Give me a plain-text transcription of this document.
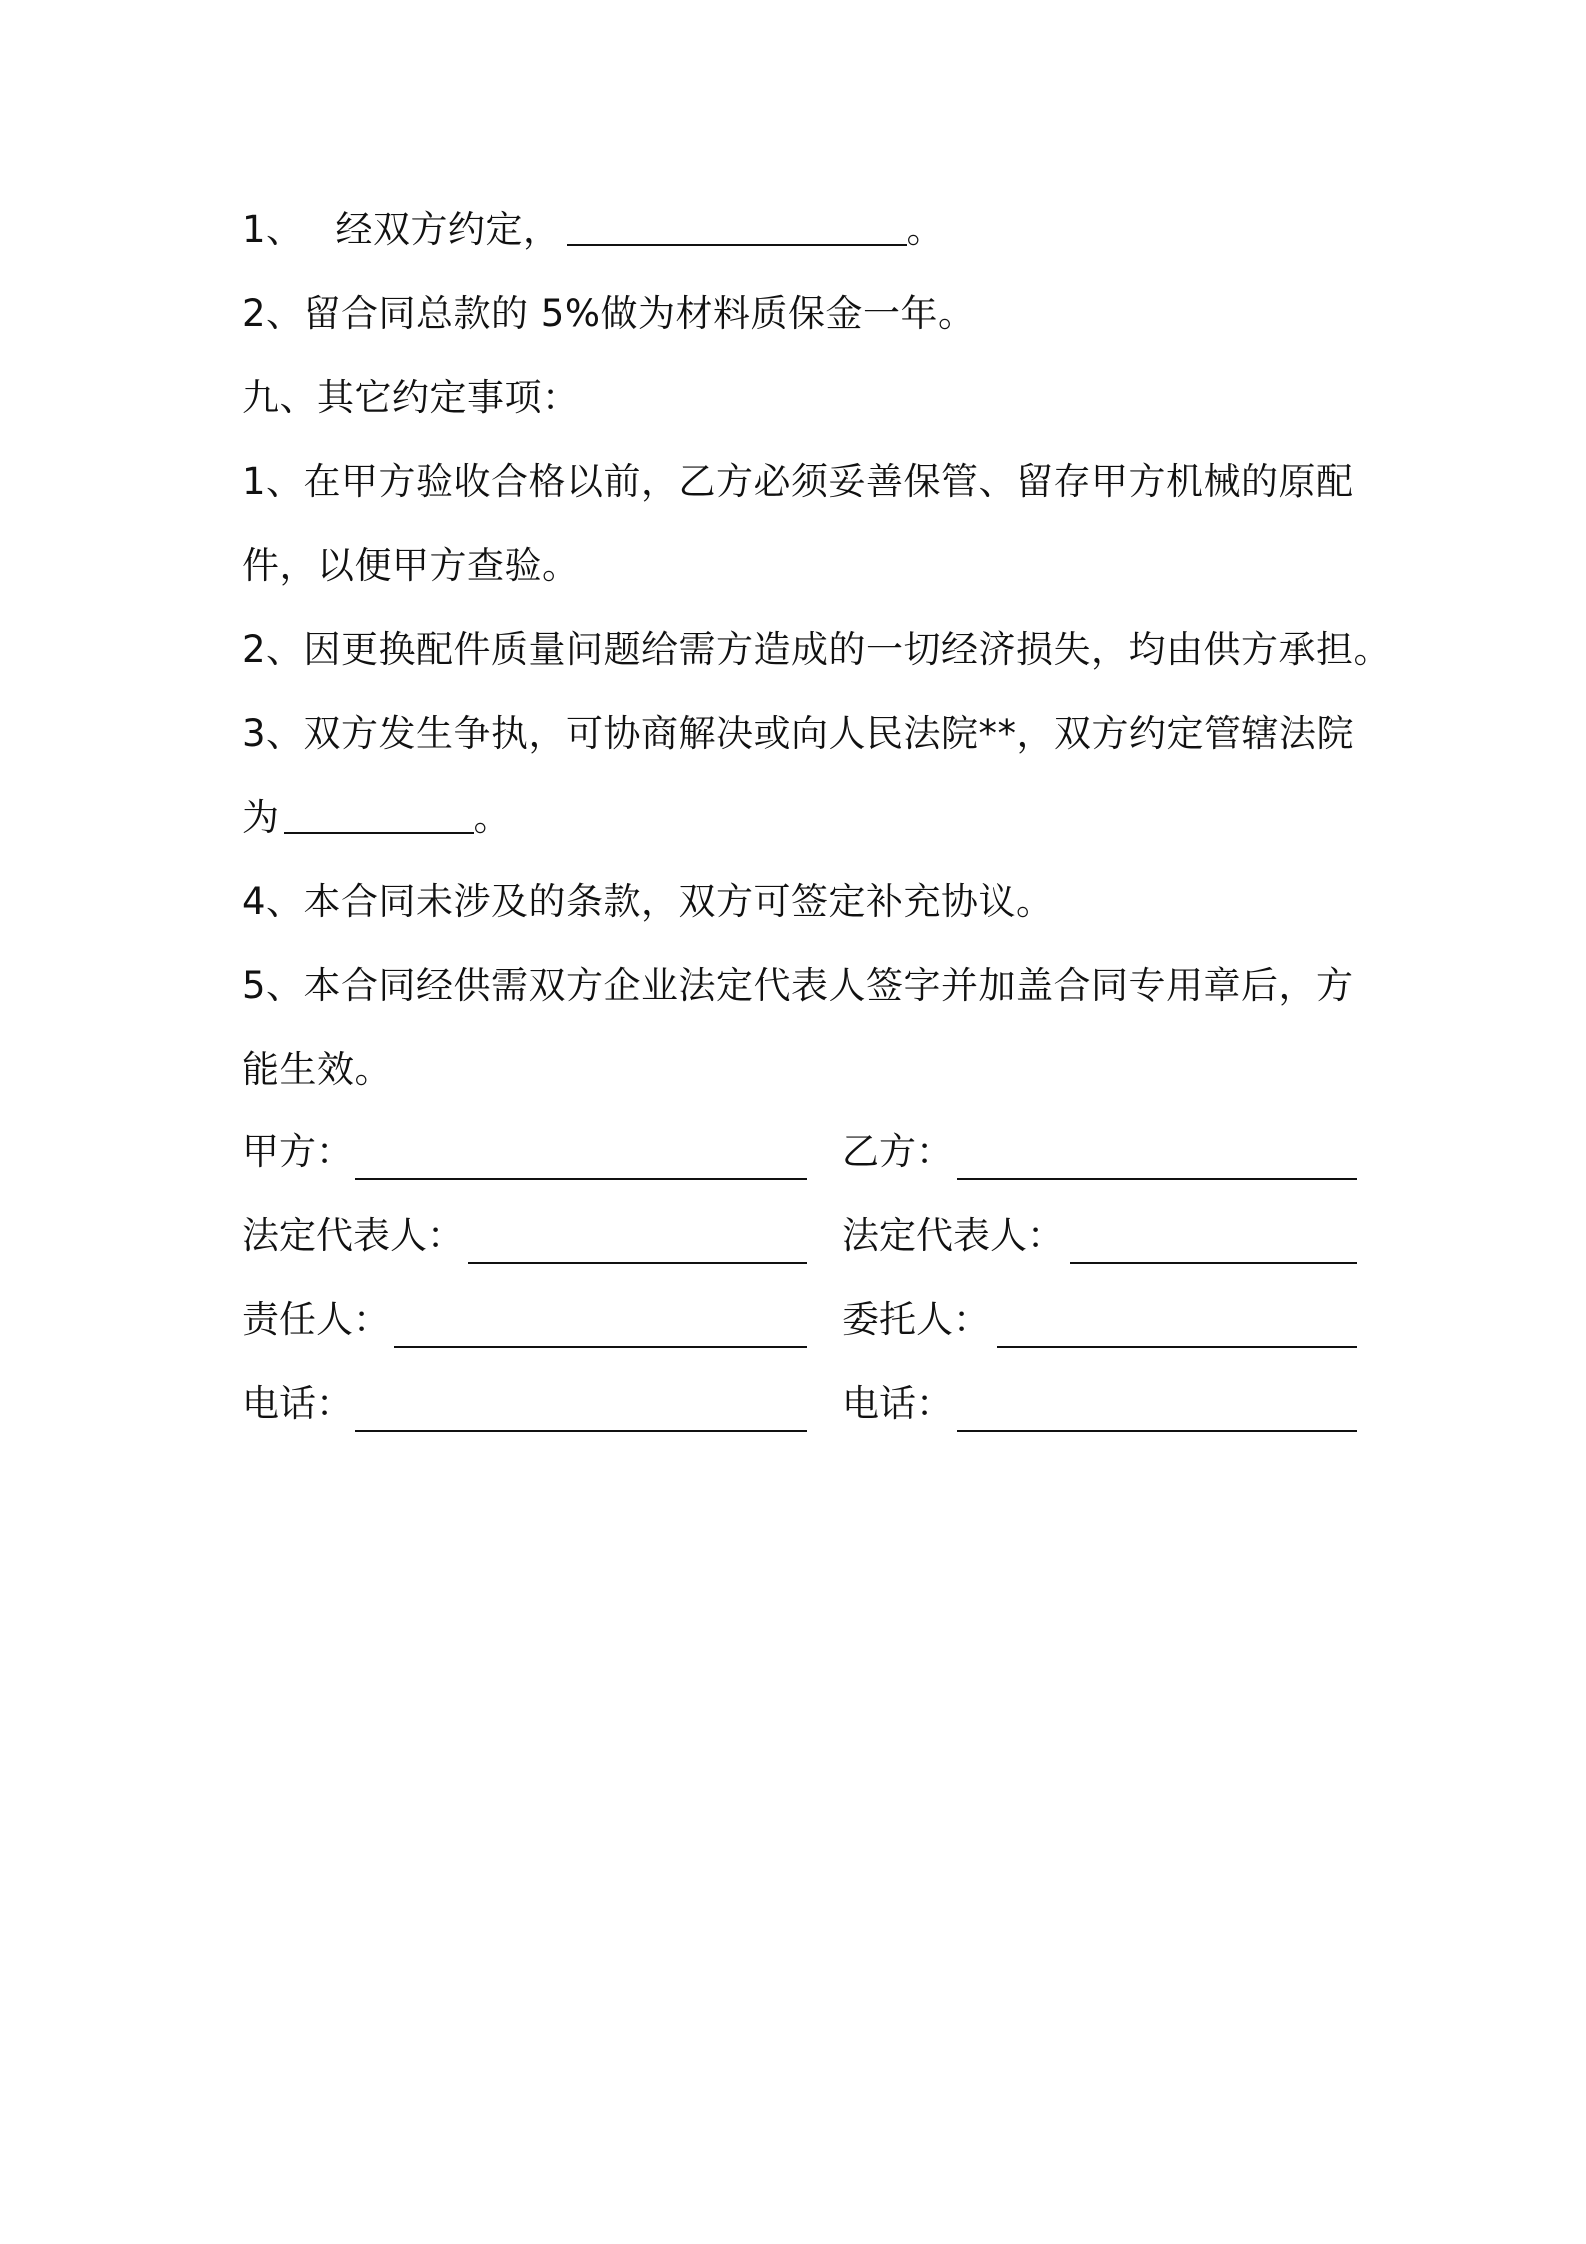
1、 经双方约定，	。
2、留合同总款的 5%做为材料质保金一年。
九、其它约定事项：
1、在甲方验收合格以前，乙方必须妥善保管、留存甲方机械的原配
件，以便甲方查验。
2、因更换配件质量问题给需方造成的一切经济损失，均由供方承担。
3、双方发生争执，可协商解决或向人民法院**，双方约定管辖法院
为	。
4、本合同未涉及的条款，双方可签定补充协议。
5、本合同经供需双方企业法定代表人签字并加盖合同专用章后，方
能生效。
甲方：	乙方：
法定代表人：	法定代表人：
责任人：	委托人：
电话：	电话：
